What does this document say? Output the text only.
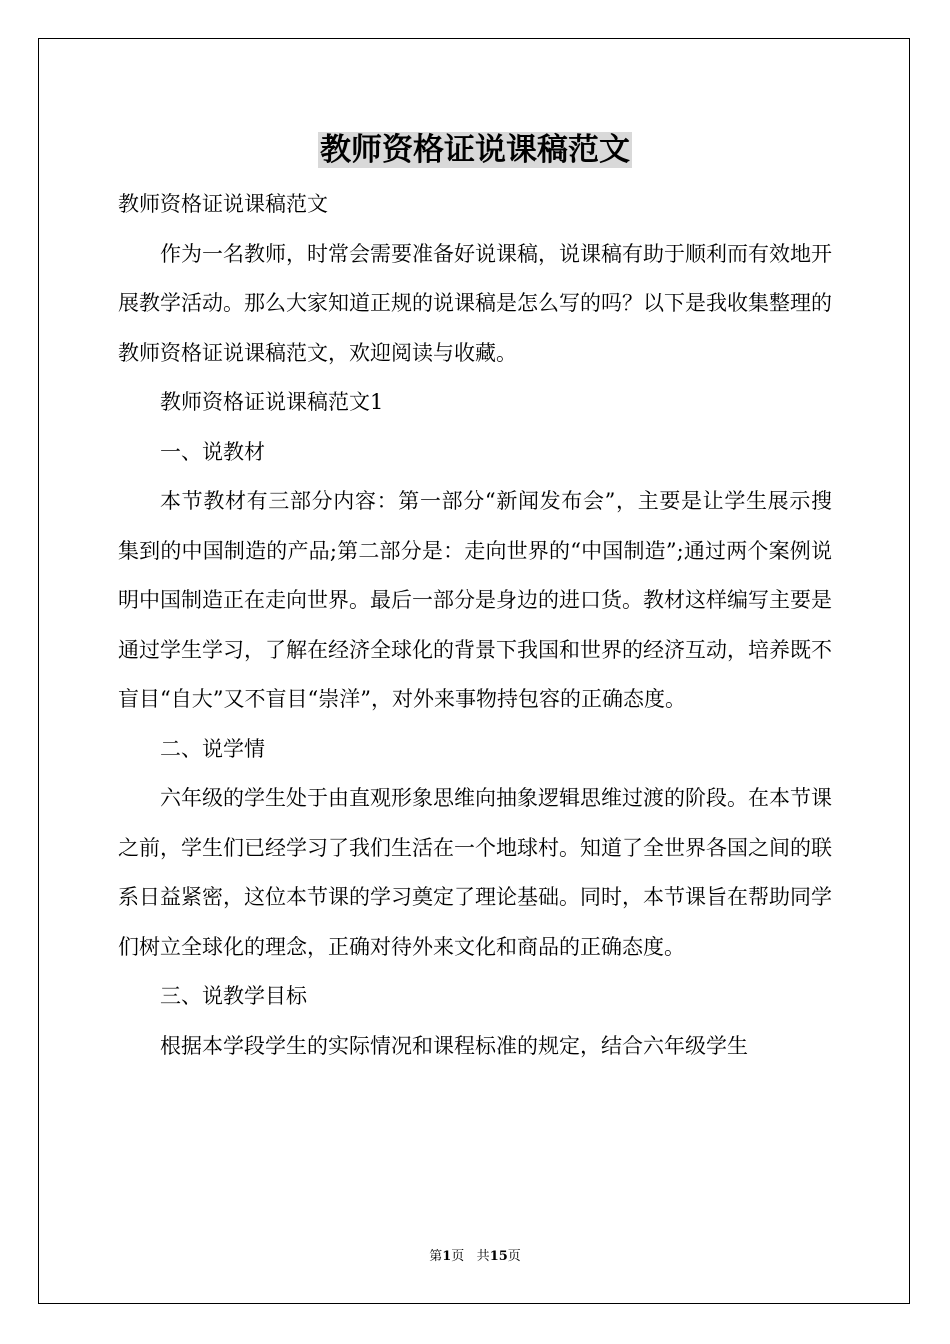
教师资格证说课稿范文

教师资格证说课稿范文

作为一名教师，时常会需要准备好说课稿，说课稿有助于顺利而有效地开展教学活动。那么大家知道正规的说课稿是怎么写的吗？以下是我收集整理的教师资格证说课稿范文，欢迎阅读与收藏。

教师资格证说课稿范文1

一、说教材

本节教材有三部分内容：第一部分“新闻发布会”，主要是让学生展示搜集到的中国制造的产品;第二部分是：走向世界的“中国制造”;通过两个案例说明中国制造正在走向世界。最后一部分是身边的进口货。教材这样编写主要是通过学生学习，了解在经济全球化的背景下我国和世界的经济互动，培养既不盲目“自大”又不盲目“崇洋”，对外来事物持包容的正确态度。

二、说学情

六年级的学生处于由直观形象思维向抽象逻辑思维过渡的阶段。在本节课之前，学生们已经学习了我们生活在一个地球村。知道了全世界各国之间的联系日益紧密，这位本节课的学习奠定了理论基础。同时，本节课旨在帮助同学们树立全球化的理念，正确对待外来文化和商品的正确态度。

三、说教学目标

根据本学段学生的实际情况和课程标准的规定，结合六年级学生

第1页 共15页
